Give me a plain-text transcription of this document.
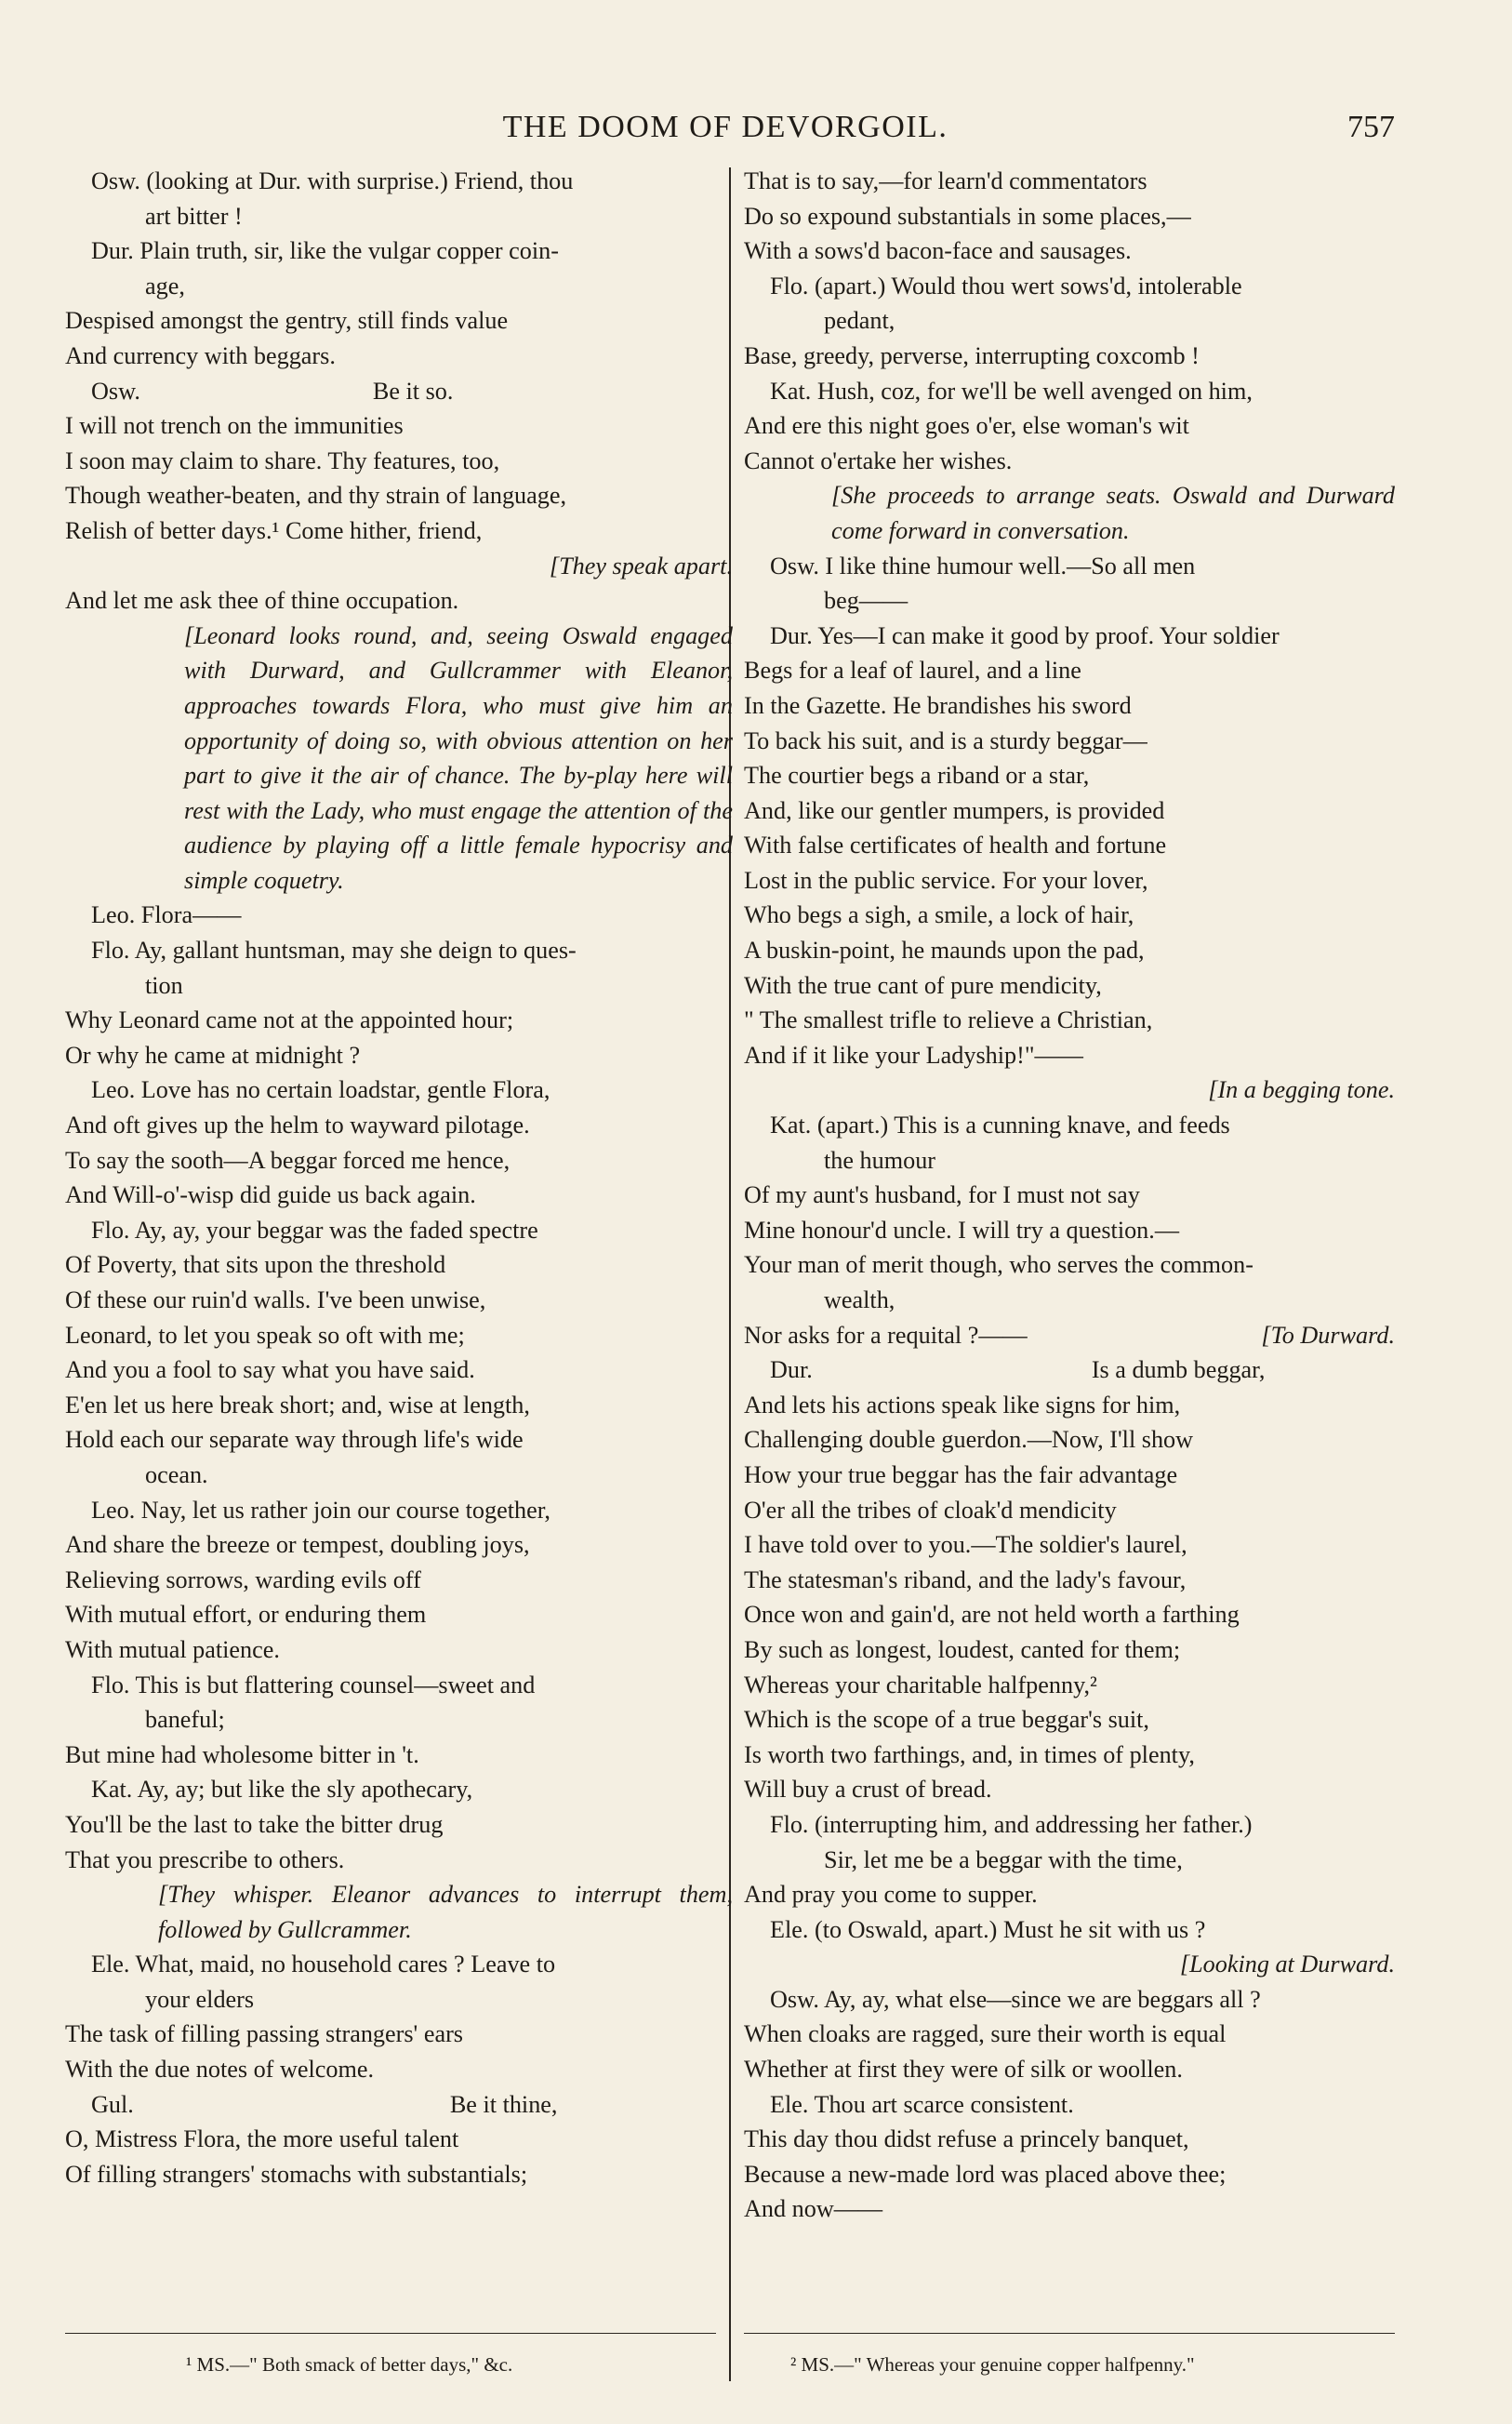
THE DOOM OF DEVORGOIL.	757
Osw. (looking at Dur. with surprise.) Friend, thou
art bitter !
Dur. Plain truth, sir, like the vulgar copper coin-
age,
Despised amongst the gentry, still finds value
And currency with beggars.
Osw.	Be it so.
I will not trench on the immunities
I soon may claim to share. Thy features, too,
Though weather-beaten, and thy strain of language,
Relish of better days.¹ Come hither, friend,
[They speak apart.
And let me ask thee of thine occupation.
[Leonard looks round, and, seeing Oswald engaged with Durward, and Gullcrammer with Eleanor, approaches towards Flora, who must give him an opportunity of doing so, with obvious attention on her part to give it the air of chance. The by-play here will rest with the Lady, who must engage the attention of the audience by playing off a little female hypocrisy and simple coquetry.
Leo. Flora——
Flo. Ay, gallant huntsman, may she deign to ques-
tion
Why Leonard came not at the appointed hour;
Or why he came at midnight ?
Leo. Love has no certain loadstar, gentle Flora,
And oft gives up the helm to wayward pilotage.
To say the sooth—A beggar forced me hence,
And Will-o'-wisp did guide us back again.
Flo. Ay, ay, your beggar was the faded spectre
Of Poverty, that sits upon the threshold
Of these our ruin'd walls. I've been unwise,
Leonard, to let you speak so oft with me;
And you a fool to say what you have said.
E'en let us here break short; and, wise at length,
Hold each our separate way through life's wide
ocean.
Leo. Nay, let us rather join our course together,
And share the breeze or tempest, doubling joys,
Relieving sorrows, warding evils off
With mutual effort, or enduring them
With mutual patience.
Flo. This is but flattering counsel—sweet and
baneful;
But mine had wholesome bitter in 't.
Kat. Ay, ay; but like the sly apothecary,
You'll be the last to take the bitter drug
That you prescribe to others.
[They whisper. Eleanor advances to interrupt them, followed by Gullcrammer.
Ele. What, maid, no household cares ? Leave to
your elders
The task of filling passing strangers' ears
With the due notes of welcome.
Gul.	Be it thine,
O, Mistress Flora, the more useful talent
Of filling strangers' stomachs with substantials;
That is to say,—for learn'd commentators
Do so expound substantials in some places,—
With a sows'd bacon-face and sausages.
Flo. (apart.) Would thou wert sows'd, intolerable
pedant,
Base, greedy, perverse, interrupting coxcomb !
Kat. Hush, coz, for we'll be well avenged on him,
And ere this night goes o'er, else woman's wit
Cannot o'ertake her wishes.
[She proceeds to arrange seats. Oswald and Durward come forward in conversation.
Osw. I like thine humour well.—So all men
beg——
Dur. Yes—I can make it good by proof. Your soldier
Begs for a leaf of laurel, and a line
In the Gazette. He brandishes his sword
To back his suit, and is a sturdy beggar—
The courtier begs a riband or a star,
And, like our gentler mumpers, is provided
With false certificates of health and fortune
Lost in the public service. For your lover,
Who begs a sigh, a smile, a lock of hair,
A buskin-point, he maunds upon the pad,
With the true cant of pure mendicity,
" The smallest trifle to relieve a Christian,
And if it like your Ladyship!"——
[In a begging tone.
Kat. (apart.) This is a cunning knave, and feeds
the humour
Of my aunt's husband, for I must not say
Mine honour'd uncle. I will try a question.—
Your man of merit though, who serves the common-
wealth,
Nor asks for a requital ?——	[To Durward.
Dur.	Is a dumb beggar,
And lets his actions speak like signs for him,
Challenging double guerdon.—Now, I'll show
How your true beggar has the fair advantage
O'er all the tribes of cloak'd mendicity
I have told over to you.—The soldier's laurel,
The statesman's riband, and the lady's favour,
Once won and gain'd, are not held worth a farthing
By such as longest, loudest, canted for them;
Whereas your charitable halfpenny,²
Which is the scope of a true beggar's suit,
Is worth two farthings, and, in times of plenty,
Will buy a crust of bread.
Flo. (interrupting him, and addressing her father.)
Sir, let me be a beggar with the time,
And pray you come to supper.
Ele. (to Oswald, apart.) Must he sit with us ?
[Looking at Durward.
Osw. Ay, ay, what else—since we are beggars all ?
When cloaks are ragged, sure their worth is equal
Whether at first they were of silk or woollen.
Ele. Thou art scarce consistent.
This day thou didst refuse a princely banquet,
Because a new-made lord was placed above thee;
And now——
¹ MS.—" Both smack of better days," &c.	² MS.—" Whereas your genuine copper halfpenny."
